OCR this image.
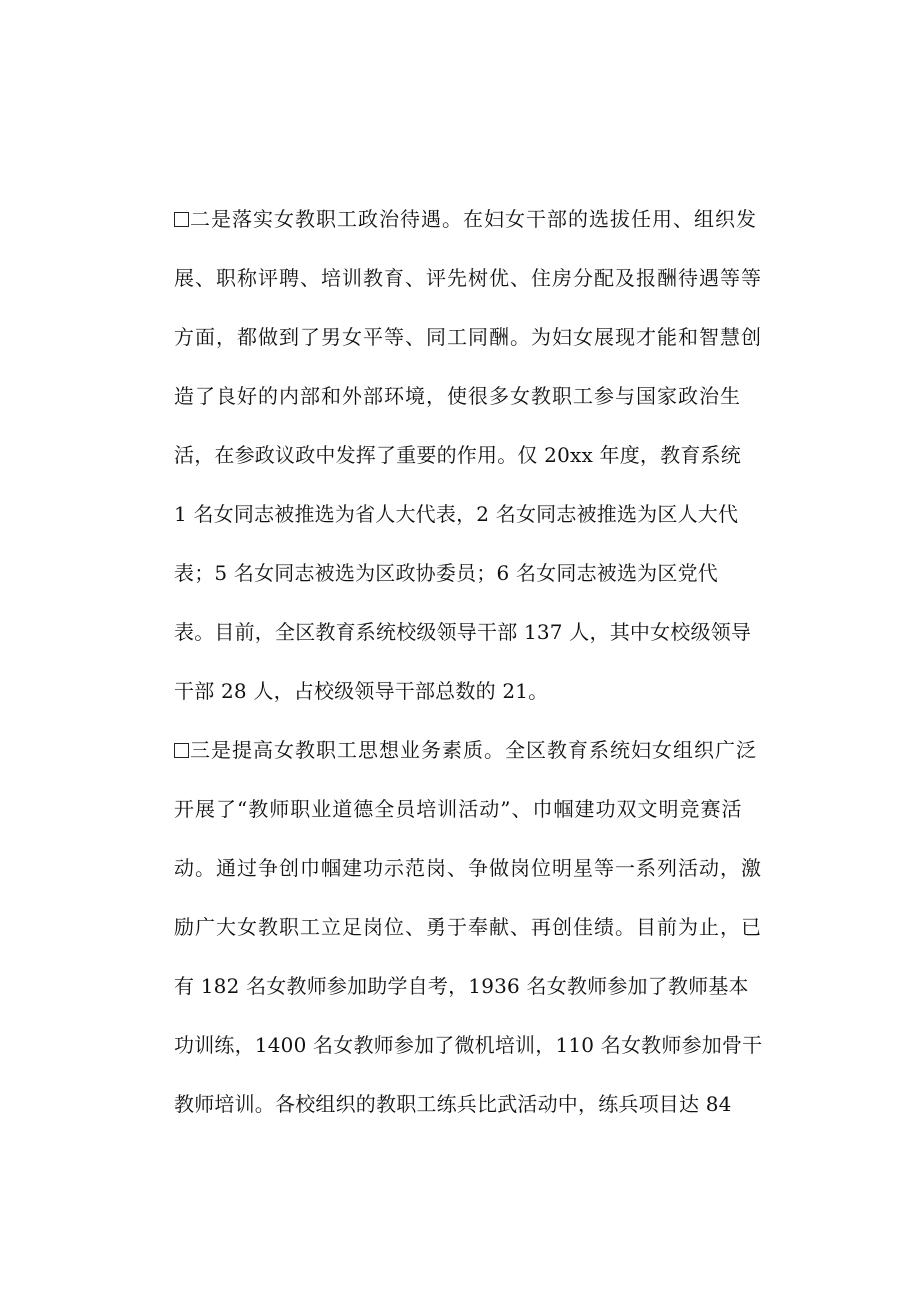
二是落实女教职工政治待遇。在妇女干部的选拔任用、组织发
展、职称评聘、培训教育、评先树优、住房分配及报酬待遇等等
方面，都做到了男女平等、同工同酬。为妇女展现才能和智慧创
造了良好的内部和外部环境，使很多女教职工参与国家政治生
活，在参政议政中发挥了重要的作用。仅 20xx 年度，教育系统
1 名女同志被推选为省人大代表，2 名女同志被推选为区人大代
表；5 名女同志被选为区政协委员；6 名女同志被选为区党代
表。目前，全区教育系统校级领导干部 137 人，其中女校级领导
干部 28 人，占校级领导干部总数的 21。
三是提高女教职工思想业务素质。全区教育系统妇女组织广泛
开展了“教师职业道德全员培训活动”、巾帼建功双文明竞赛活
动。通过争创巾帼建功示范岗、争做岗位明星等一系列活动，激
励广大女教职工立足岗位、勇于奉献、再创佳绩。目前为止，已
有 182 名女教师参加助学自考，1936 名女教师参加了教师基本
功训练，1400 名女教师参加了微机培训，110 名女教师参加骨干
教师培训。各校组织的教职工练兵比武活动中，练兵项目达 84
